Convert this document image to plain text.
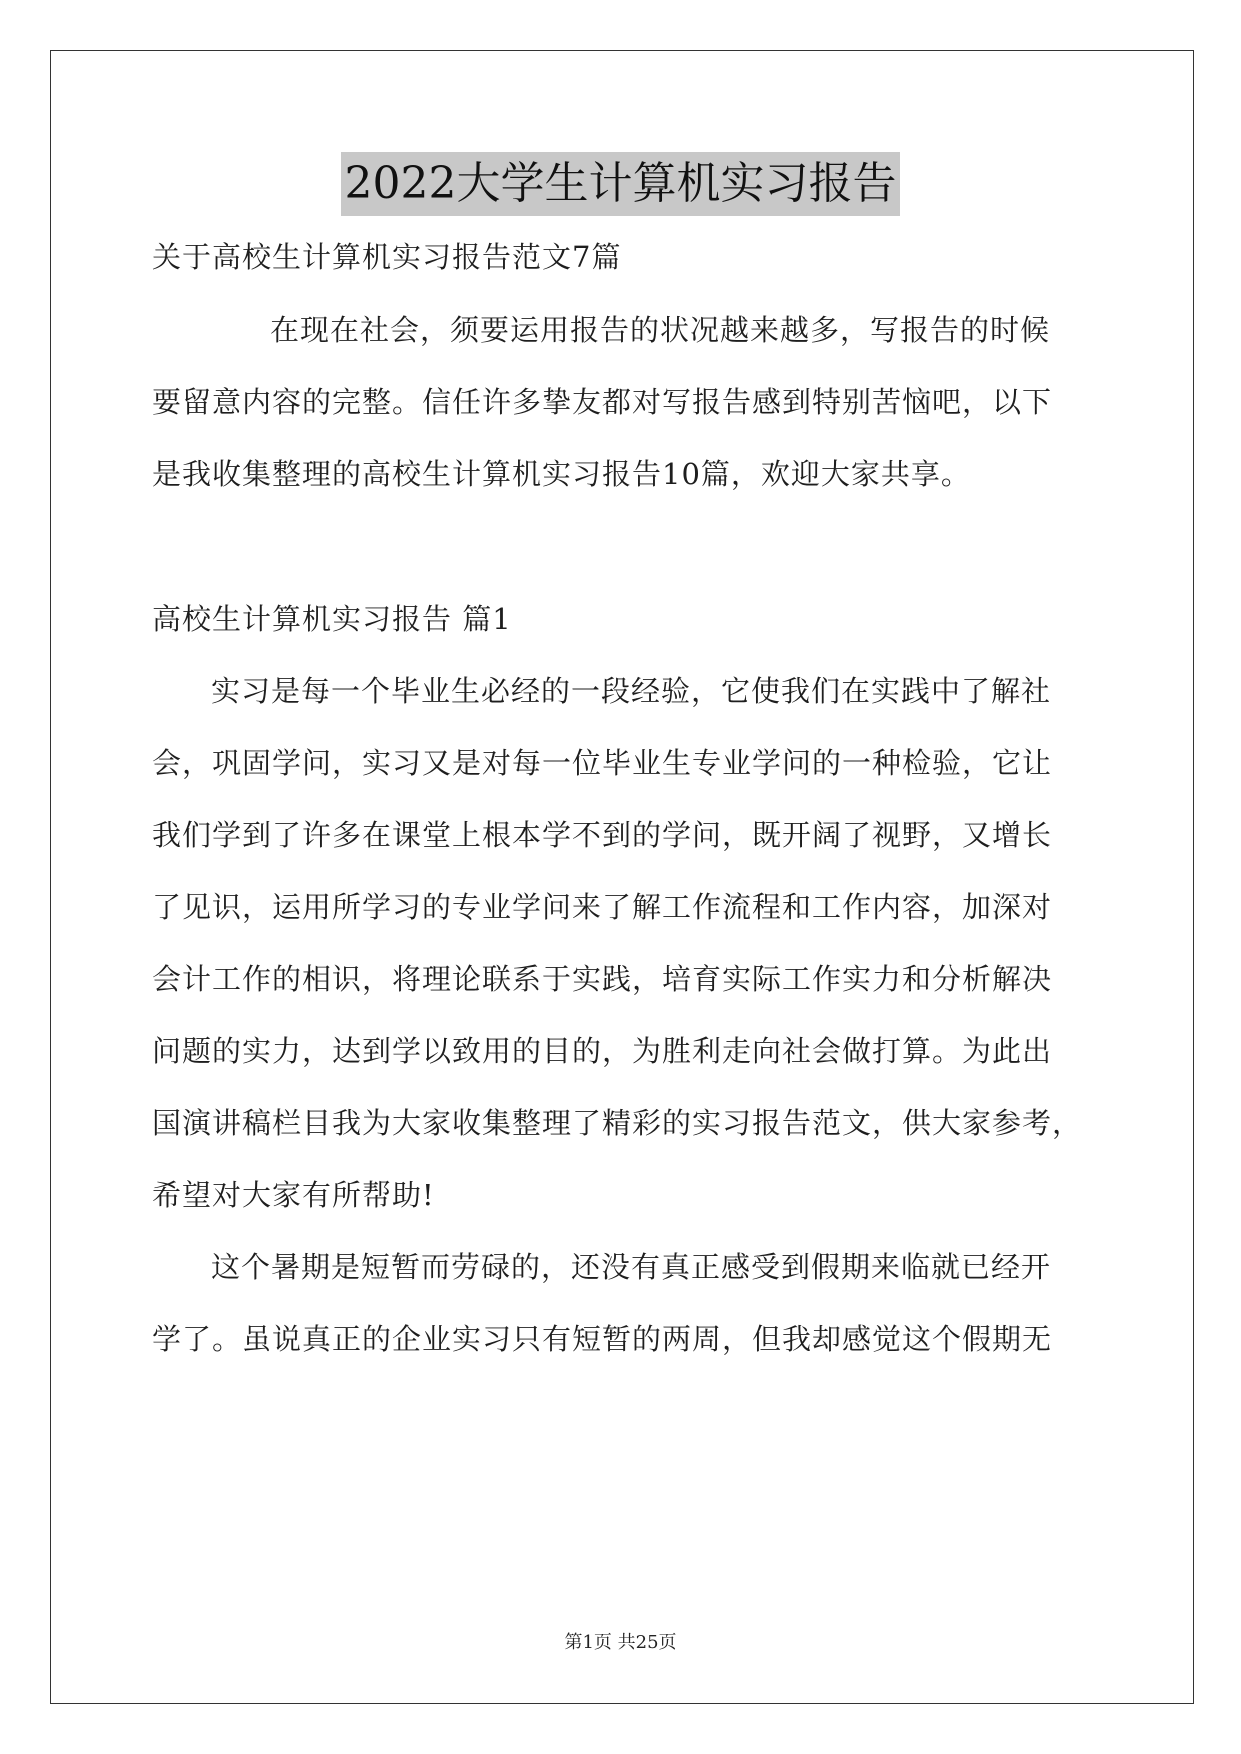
2022大学生计算机实习报告
关于高校生计算机实习报告范文7篇
在现在社会，须要运用报告的状况越来越多，写报告的时候
要留意内容的完整。信任许多挚友都对写报告感到特别苦恼吧，以下
是我收集整理的高校生计算机实习报告10篇，欢迎大家共享。
高校生计算机实习报告 篇1
实习是每一个毕业生必经的一段经验，它使我们在实践中了解社
会，巩固学问，实习又是对每一位毕业生专业学问的一种检验，它让
我们学到了许多在课堂上根本学不到的学问，既开阔了视野，又增长
了见识，运用所学习的专业学问来了解工作流程和工作内容，加深对
会计工作的相识，将理论联系于实践，培育实际工作实力和分析解决
问题的实力，达到学以致用的目的，为胜利走向社会做打算。为此出
国演讲稿栏目我为大家收集整理了精彩的实习报告范文，供大家参考，
希望对大家有所帮助!
这个暑期是短暂而劳碌的，还没有真正感受到假期来临就已经开
学了。虽说真正的企业实习只有短暂的两周，但我却感觉这个假期无
第1页 共25页
